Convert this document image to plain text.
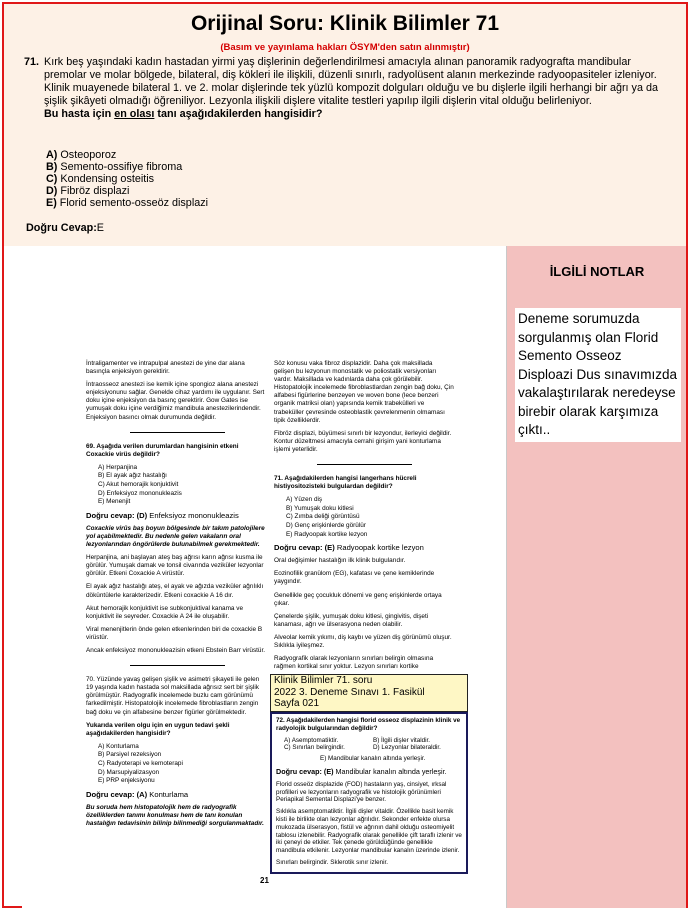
Orijinal Soru: Klinik Bilimler 71
(Basım ve yayınlama hakları ÖSYM'den satın alınmıştır)
71. Kırk beş yaşındaki kadın hastadan yirmi yaş dişlerinin değerlendirilmesi amacıyla alınan panoramik radyografta mandibular premolar ve molar bölgede, bilateral, diş kökleri ile ilişkili, düzenli sınırlı, radyolüsent alanın merkezinde radyoopasiteler izleniyor. Klinik muayenede bilateral 1. ve 2. molar dişlerinde tek yüzlü kompozit dolguları olduğu ve bu dişlerle ilgili herhangi bir ağrı ya da şişlik şikâyeti olmadığı öğreniliyor. Lezyonla ilişkili dişlere vitalite testleri yapılıp ilgili dişlerin vital olduğu belirleniyor.
Bu hasta için en olası tanı aşağıdakilerden hangisidir?
A) Osteoporoz
B) Semento-ossifiye fibroma
C) Kondensing osteitis
D) Fibröz displazi
E) Florid semento-osseöz displazi
Doğru Cevap:E

İntraligamenter ve intrapulpal anestezi de yine dar alana basınçla enjeksiyon gerektirir.

İntraosseoz anestezi ise kemik içine spongioz alana anestezi enjeksiyonunu sağlar. Genelde cihaz yardımı ile uygulanır. Sert doku içine enjeksiyon da basınç gerektirir. Gow Gates ise yumuşak doku içine verdiğimiz mandibula anestezilerindendir. Enjeksiyon basıncı olmak durumunda değildir.

69. Aşağıda verilen durumlardan hangisinin etkeni Coxackie virüs değildir?

A) Herpanjina
B) El ayak ağız hastalığı
C) Akut hemorajik konjuktivit
D) Enfeksiyoz mononukleazis
E) Menenjit

Doğru cevap: (D) Enfeksiyoz mononukleazis

Coxackie virüs baş boyun bölgesinde bir takım patolojilere yol açabilmektedir. Bu nedenle gelen vakaların oral lezyonlarından öngörülerde bulunabilmek gerekmektedir.

Herpanjina, ani başlayan ateş baş ağrısı karın ağrısı kusma ile görülür. Yumuşak damak ve tonsil civarında veziküler lezyonlar görülür. Etkeni Coxackie A virüstür.

El ayak ağız hastalığı ateş, el ayak ve ağızda veziküler ağrılıklı döküntülerle karakterizedir. Etkeni coxackie A 16 dır.

Akut hemorajik konjuktivit ise subkonjuktival kanama ve konjuktivit ile seyreder. Coxackie A 24 ile oluşabilir.

Viral menenjitlerin önde gelen etkenlerinden biri de coxackie B virüstür.

Ancak enfeksiyoz mononukleazisin etkeni Ebstein Barr virüstür.

70. Yüzünde yavaş gelişen şişlik ve asimetri şikayeti ile gelen 19 yaşında kadın hastada sol maksillada ağrısız sert bir şişlik görülmüştür. Radyografik incelemede buzlu cam görünümü farkedilmiştir. Histopatolojik incelemede fibroblastların zengin bağ doku ve çin alfabesine benzer figürler görülmektedir.

Yukarıda verilen olgu için en uygun tedavi şekli aşağıdakilerden hangisidir?

A) Konturlama
B) Parsiyel rezeksiyon
C) Radyoterapi ve kemoterapi
D) Marsupiyalizasyon
E) PRP enjeksiyonu

Doğru cevap: (A) Konturlama

Bu soruda hem histopatolojik hem de radyografik özelliklerden tanımı konulması hem de tanı konulan hastalığın tedavisinin bilinip bilinmediği sorgulanmaktadır.

Söz konusu vaka fibroz displazidir. Daha çok maksillada gelişen bu lezyonun monostatik ve poliostatik versiyonları vardır. Maksillada ve kadınlarda daha çok görülebilir. Histopatolojik incelemede fibroblastlardan zengin bağ doku, Çin alfabesi figürlerine benzeyen ve woven bone (lece benzeri organik matriksi olan) yapısında kemik trabekülleri ve trabeküller çevresinde osteoblastik çevrelenmenin olmaması tipik özelliklerdir.

Fibröz displazi, büyümesi sınırlı bir lezyondur, ilerleyici değildir. Kontur düzeltmesi amacıyla cerrahi girişim yani konturlama işlemi yeterlidir.

71. Aşağıdakilerden hangisi langerhans hücreli histiyositozisteki bulgulardan değildir?

A) Yüzen diş
B) Yumuşak doku kitlesi
C) Zımba deliği görüntüsü
D) Genç erişkinlerde görülür
E) Radyoopak kortike lezyon

Doğru cevap: (E) Radyoopak kortike lezyon

Oral değişimler hastalığın ilk klinik bulgularıdır.

Eozinofilik granülom (EG), kafatası ve çene kemiklerinde yaygındır.

Genellikle geç çocukluk dönemi ve genç erişkinlerde ortaya çıkar.

Çenelerde şişlik, yumuşak doku kitlesi, gingivitis, dişeti kanaması, ağrı ve ülserasyona neden olabilir.

Alveolar kemik yıkımı, diş kaybı ve yüzen diş görünümü oluşur. Sıklıkla iyileşmez.

Radyografik olarak lezyonların sınırları belirgin olmasına rağmen kortikal sınır yoktur. Lezyon sınırları kortike

21
Klinik Bilimler 71. soru
2022 3. Deneme Sınavı 1. Fasikül
Sayfa 021

72. Aşağıdakilerden hangisi florid osseoz displazinin klinik ve radyolojik bulgularından değildir?

A) Asemptomatiktir.	B) İlgili dişler vitaldir.
C) Sınırları belirgindir.	D) Lezyonlar bilateraldir.
E) Mandibular kanalın altında yerleşir.

Doğru cevap: (E) Mandibular kanalın altında yerleşir.

Florid osseöz displazide (FOD) hastaların yaş, cinsiyet, ırksal profilleri ve lezyonların radyografik ve histolojik görünümleri Periapikal Semental Displazi'ye benzer.

Sıklıkla asemptomatiktir. İlgili dişler vitaldir. Özellikle basit kemik kisti ile birlikte olan lezyonlar ağrılıdır. Sekonder enfekte olursa mukozada ülserasyon, fistül ve ağrının dahil olduğu osteomiyelit tablosu izlenebilir. Radyografik olarak genellikle çift taraflı izlenir ve iki çeneyi de etkiler. Tek çenede görüldüğünde genellikle mandibula etkilenir. Lezyonlar mandibular kanalın üzerinde izlenir.

Sınırları belirgindir. Sklerotik sınır izlenir.

İLGİLİ NOTLAR
Deneme sorumuzda sorgulanmış olan Florid Semento Osseoz Disploazi Dus sınavımızda vakalaştırılarak neredeyse birebir olarak karşımıza çıktı..
